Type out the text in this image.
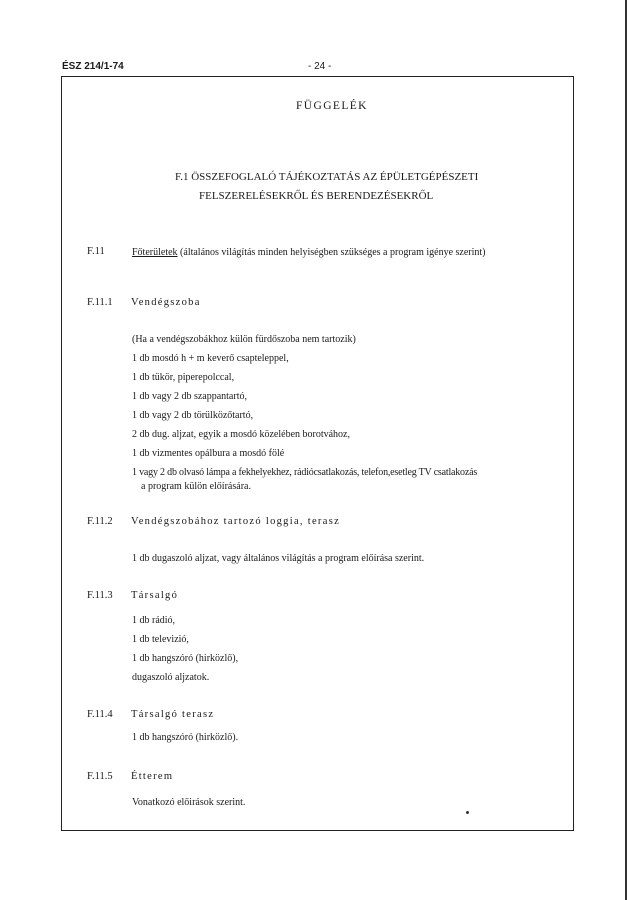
ÉSZ 214/1-74	- 24 -
FÜGGELÉK
F.1 ÖSSZEFOGLALÓ TÁJÉKOZTATÁS AZ ÉPÜLETGÉPÉSZETI
FELSZERELÉSEKRŐL ÉS BERENDEZÉSEKRŐL
F.11	Főterületek (általános világítás minden helyiségben szükséges a program igénye szerint)
F.11.1 Vendégszoba
(Ha a vendégszobákhoz külön fürdőszoba nem tartozik)
1 db mosdó h + m keverő csapteleppel,
1 db tükör, piperepolccal,
1 db vagy 2 db szappantartó,
1 db vagy 2 db törülközőtartó,
2 db dug. aljzat, egyik a mosdó közelében borotvához,
1 db vizmentes opálbura a mosdó fölé
1 vagy 2 db olvasó lámpa a fekhelyekhez, rádiócsatlakozás, telefon,esetleg TV csatlakozás
a program külön előírására.
F.11.2 Vendégszobához tartozó loggia, terasz
1 db dugaszoló aljzat, vagy általános világítás a program előírása szerint.
F.11.3 Társalgó
1 db rádió,
1 db televizió,
1 db hangszóró (hirközlő),
dugaszoló aljzatok.
F.11.4 Társalgó terasz
1 db hangszóró (hirközlő).
F.11.5 Étterem
Vonatkozó előirások szerint.
